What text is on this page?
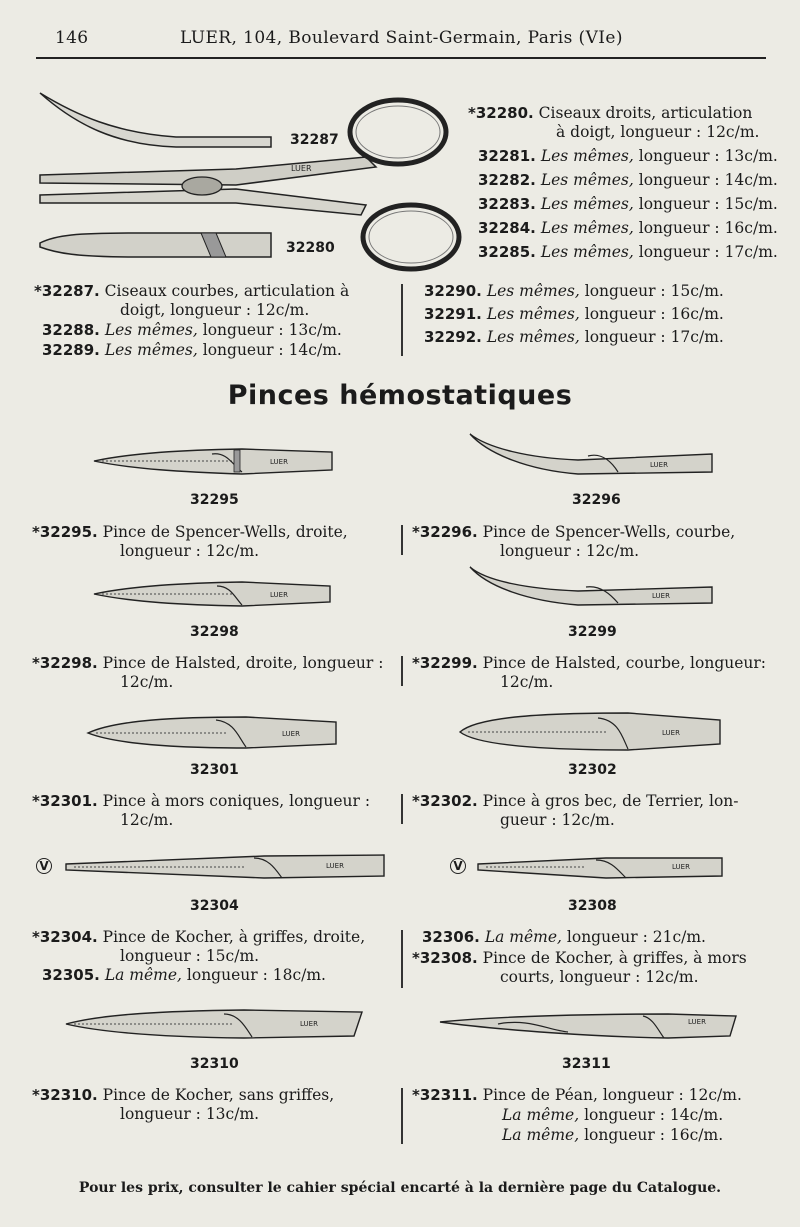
146	LUER, 104, Boulevard Saint-Germain, Paris (VIe)
LUER
32287
32280
*32280. Ciseaux droits, articulation
à doigt, longueur : 12c/m.
32281. Les mêmes, longueur : 13c/m.
32282. Les mêmes, longueur : 14c/m.
32283. Les mêmes, longueur : 15c/m.
32284. Les mêmes, longueur : 16c/m.
32285. Les mêmes, longueur : 17c/m.
*32287. Ciseaux courbes, articulation à
doigt, longueur : 12c/m.
32288. Les mêmes, longueur : 13c/m.
32289. Les mêmes, longueur : 14c/m.
32290. Les mêmes, longueur : 15c/m.
32291. Les mêmes, longueur : 16c/m.
32292. Les mêmes, longueur : 17c/m.
Pinces hémostatiques
LUER
32295
LUER
32296
*32295. Pince de Spencer-Wells, droite,
longueur : 12c/m.
*32296. Pince de Spencer-Wells, courbe,
longueur : 12c/m.
LUER
32298
LUER
32299
*32298. Pince de Halsted, droite, longueur :
12c/m.
*32299. Pince de Halsted, courbe, longueur:
12c/m.
LUER
32301
LUER
32302
*32301. Pince à mors coniques, longueur :
12c/m.
*32302. Pince à gros bec, de Terrier, lon-
gueur : 12c/m.
V	LUER
32304
V	LUER
32308
*32304. Pince de Kocher, à griffes, droite,
longueur : 15c/m.
32305. La même, longueur : 18c/m.
32306. La même, longueur : 21c/m.
*32308. Pince de Kocher, à griffes, à mors
courts, longueur : 12c/m.
LUER
32310
LUER
32311
*32310. Pince de Kocher, sans griffes,
longueur : 13c/m.
*32311. Pince de Péan, longueur : 12c/m.
La même, longueur : 14c/m.
La même, longueur : 16c/m.
Pour les prix, consulter le cahier spécial encarté à la dernière page du Catalogue.
